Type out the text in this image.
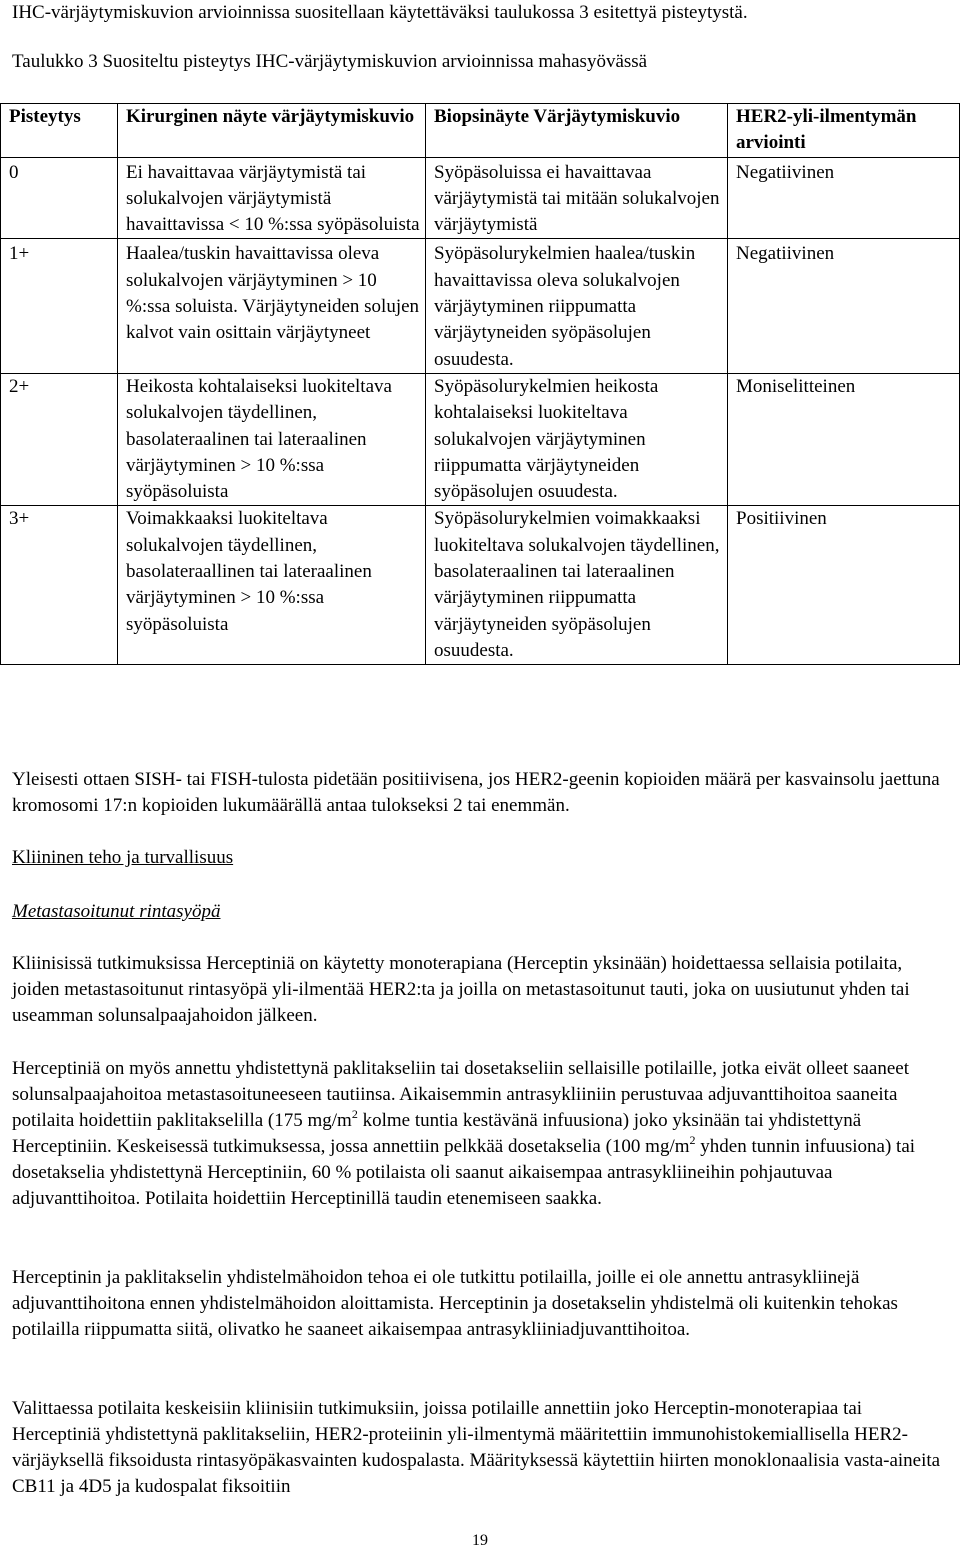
IHC-värjäytymiskuvion arvioinnissa suositellaan käytettäväksi taulukossa 3 esitettyä pisteytystä.

Taulukko 3 Suositeltu pisteytys IHC-värjäytymiskuvion arvioinnissa mahasyövässä

Pisteytys	Kirurginen näyte värjäytymiskuvio	Biopsinäyte Värjäytymiskuvio	HER2-yli-ilmentymän arviointi
0	Ei havaittavaa värjäytymistä tai solukalvojen värjäytymistä havaittavissa < 10 %:ssa syöpäsoluista	Syöpäsoluissa ei havaittavaa värjäytymistä tai mitään solukalvojen värjäytymistä	Negatiivinen
1+	Haalea/tuskin havaittavissa oleva solukalvojen värjäytyminen > 10 %:ssa soluista. Värjäytyneiden solujen kalvot vain osittain värjäytyneet	Syöpäsolurykelmien haalea/tuskin havaittavissa oleva solukalvojen värjäytyminen riippumatta värjäytyneiden syöpäsolujen osuudesta.	Negatiivinen
2+	Heikosta kohtalaiseksi luokiteltava solukalvojen täydellinen, basolateraalinen tai lateraalinen värjäytyminen > 10 %:ssa syöpäsoluista	Syöpäsolurykelmien heikosta kohtalaiseksi luokiteltava solukalvojen värjäytyminen riippumatta värjäytyneiden syöpäsolujen osuudesta.	Moniselitteinen
3+	Voimakkaaksi luokiteltava solukalvojen täydellinen, basolateraallinen tai lateraalinen värjäytyminen > 10 %:ssa syöpäsoluista	Syöpäsolurykelmien voimakkaaksi luokiteltava solukalvojen täydellinen, basolateraalinen tai lateraalinen värjäytyminen riippumatta värjäytyneiden syöpäsolujen osuudesta.	Positiivinen

Yleisesti ottaen SISH- tai FISH-tulosta pidetään positiivisena, jos HER2-geenin kopioiden määrä per kasvainsolu jaettuna kromosomi 17:n kopioiden lukumäärällä antaa tulokseksi 2 tai enemmän.

Kliininen teho ja turvallisuus

Metastasoitunut rintasyöpä

Kliinisissä tutkimuksissa Herceptiniä on käytetty monoterapiana (Herceptin yksinään) hoidettaessa sellaisia potilaita, joiden metastasoitunut rintasyöpä yli-ilmentää HER2:ta ja joilla on metastasoitunut tauti, joka on uusiutunut yhden tai useamman solunsalpaajahoidon jälkeen.

Herceptiniä on myös annettu yhdistettynä paklitakseliin tai dosetakseliin sellaisille potilaille, jotka eivät olleet saaneet solunsalpaajahoitoa metastasoituneeseen tautiinsa. Aikaisemmin antrasykliiniin perustuvaa adjuvanttihoitoa saaneita potilaita hoidettiin paklitakselilla (175 $mg/m^2$ kolme tuntia kestävänä infuusiona) joko yksinään tai yhdistettynä Herceptiniin. Keskeisessä tutkimuksessa, jossa annettiin pelkkää dosetakselia (100 $mg/m^2$ yhden tunnin infuusiona) tai dosetakselia yhdistettynä Herceptiniin, 60 % potilaista oli saanut aikaisempaa antrasykliineihin pohjautuvaa adjuvanttihoitoa. Potilaita hoidettiin Herceptinillä taudin etenemiseen saakka.

Herceptinin ja paklitakselin yhdistelmähoidon tehoa ei ole tutkittu potilailla, joille ei ole annettu antrasykliinejä adjuvanttihoitona ennen yhdistelmähoidon aloittamista. Herceptinin ja dosetakselin yhdistelmä oli kuitenkin tehokas potilailla riippumatta siitä, olivatko he saaneet aikaisempaa antrasykliiniadjuvanttihoitoa.

Valittaessa potilaita keskeisiin kliinisiin tutkimuksiin, joissa potilaille annettiin joko Herceptin-monoterapiaa tai Herceptiniä yhdistettynä paklitakseliin, HER2-proteiinin yli-ilmentymä määritettiin immunohistokemiallisella HER2-värjäyksellä fiksoidusta rintasyöpäkasvainten kudospalasta. Määrityksessä käytettiin hiirten monoklonaalisia vasta-aineita CB11 ja 4D5 ja kudospalat fiksoitiin

19
